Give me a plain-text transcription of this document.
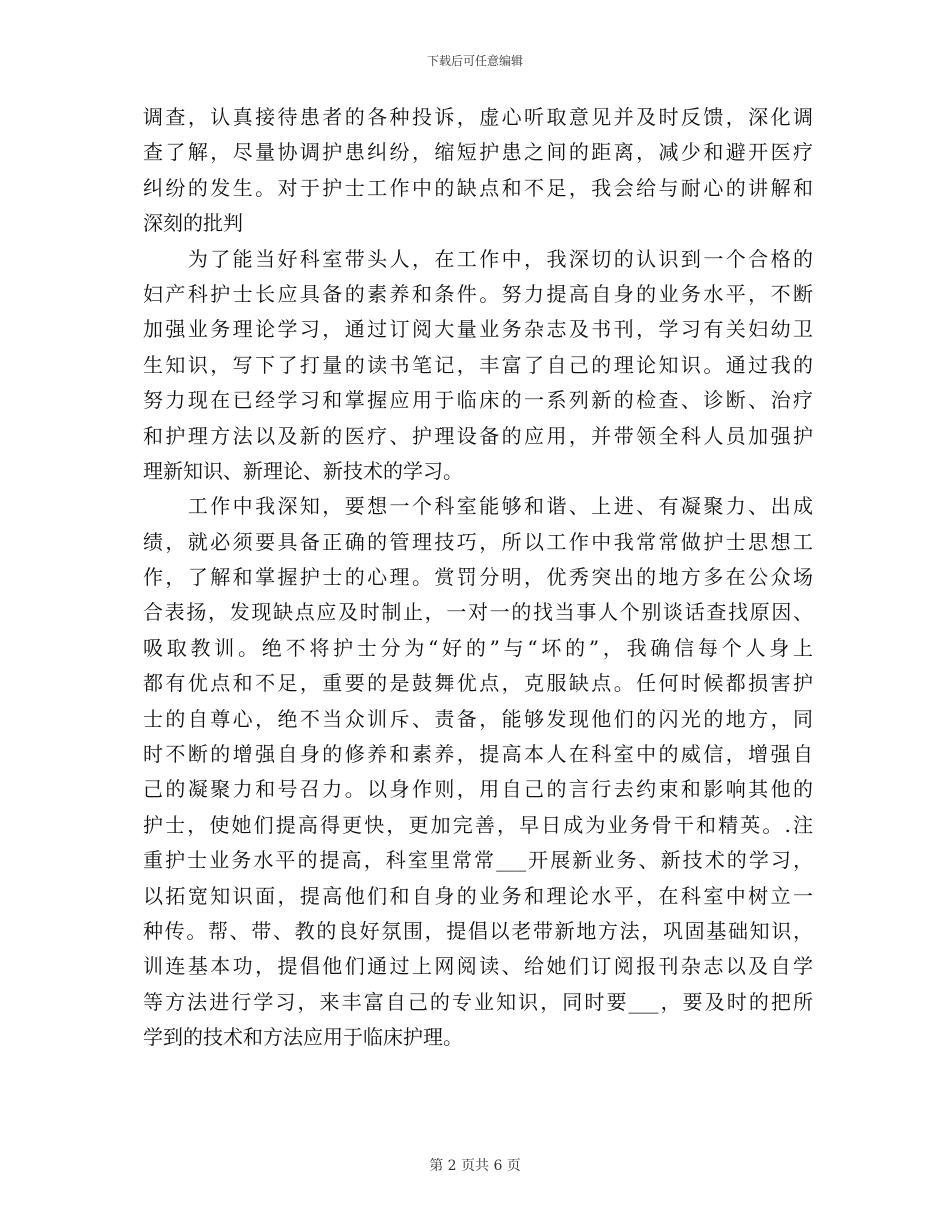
下载后可任意编辑
调查，认真接待患者的各种投诉，虚心听取意见并及时反馈，深化调
查了解，尽量协调护患纠纷，缩短护患之间的距离，减少和避开医疗
纠纷的发生。对于护士工作中的缺点和不足，我会给与耐心的讲解和
深刻的批判
　　为了能当好科室带头人，在工作中，我深切的认识到一个合格的
妇产科护士长应具备的素养和条件。努力提高自身的业务水平，不断
加强业务理论学习，通过订阅大量业务杂志及书刊，学习有关妇幼卫
生知识，写下了打量的读书笔记，丰富了自己的理论知识。通过我的
努力现在已经学习和掌握应用于临床的一系列新的检查、诊断、治疗
和护理方法以及新的医疗、护理设备的应用，并带领全科人员加强护
理新知识、新理论、新技术的学习。
　　工作中我深知，要想一个科室能够和谐、上进、有凝聚力、出成
绩，就必须要具备正确的管理技巧，所以工作中我常常做护士思想工
作，了解和掌握护士的心理。赏罚分明，优秀突出的地方多在公众场
合表扬，发现缺点应及时制止，一对一的找当事人个别谈话查找原因、
吸取教训。绝不将护士分为“好的”与“坏的”，我确信每个人身上
都有优点和不足，重要的是鼓舞优点，克服缺点。任何时候都损害护
士的自尊心，绝不当众训斥、责备，能够发现他们的闪光的地方，同
时不断的增强自身的修养和素养，提高本人在科室中的威信，增强自
己的凝聚力和号召力。以身作则，用自己的言行去约束和影响其他的
护士，使她们提高得更快，更加完善，早日成为业务骨干和精英。.注
重护士业务水平的提高，科室里常常___开展新业务、新技术的学习，
以拓宽知识面，提高他们和自身的业务和理论水平，在科室中树立一
种传。帮、带、教的良好氛围，提倡以老带新地方法，巩固基础知识，
训连基本功，提倡他们通过上网阅读、给她们订阅报刊杂志以及自学
等方法进行学习，来丰富自己的专业知识，同时要___，要及时的把所
学到的技术和方法应用于临床护理。
第 2 页共 6 页
